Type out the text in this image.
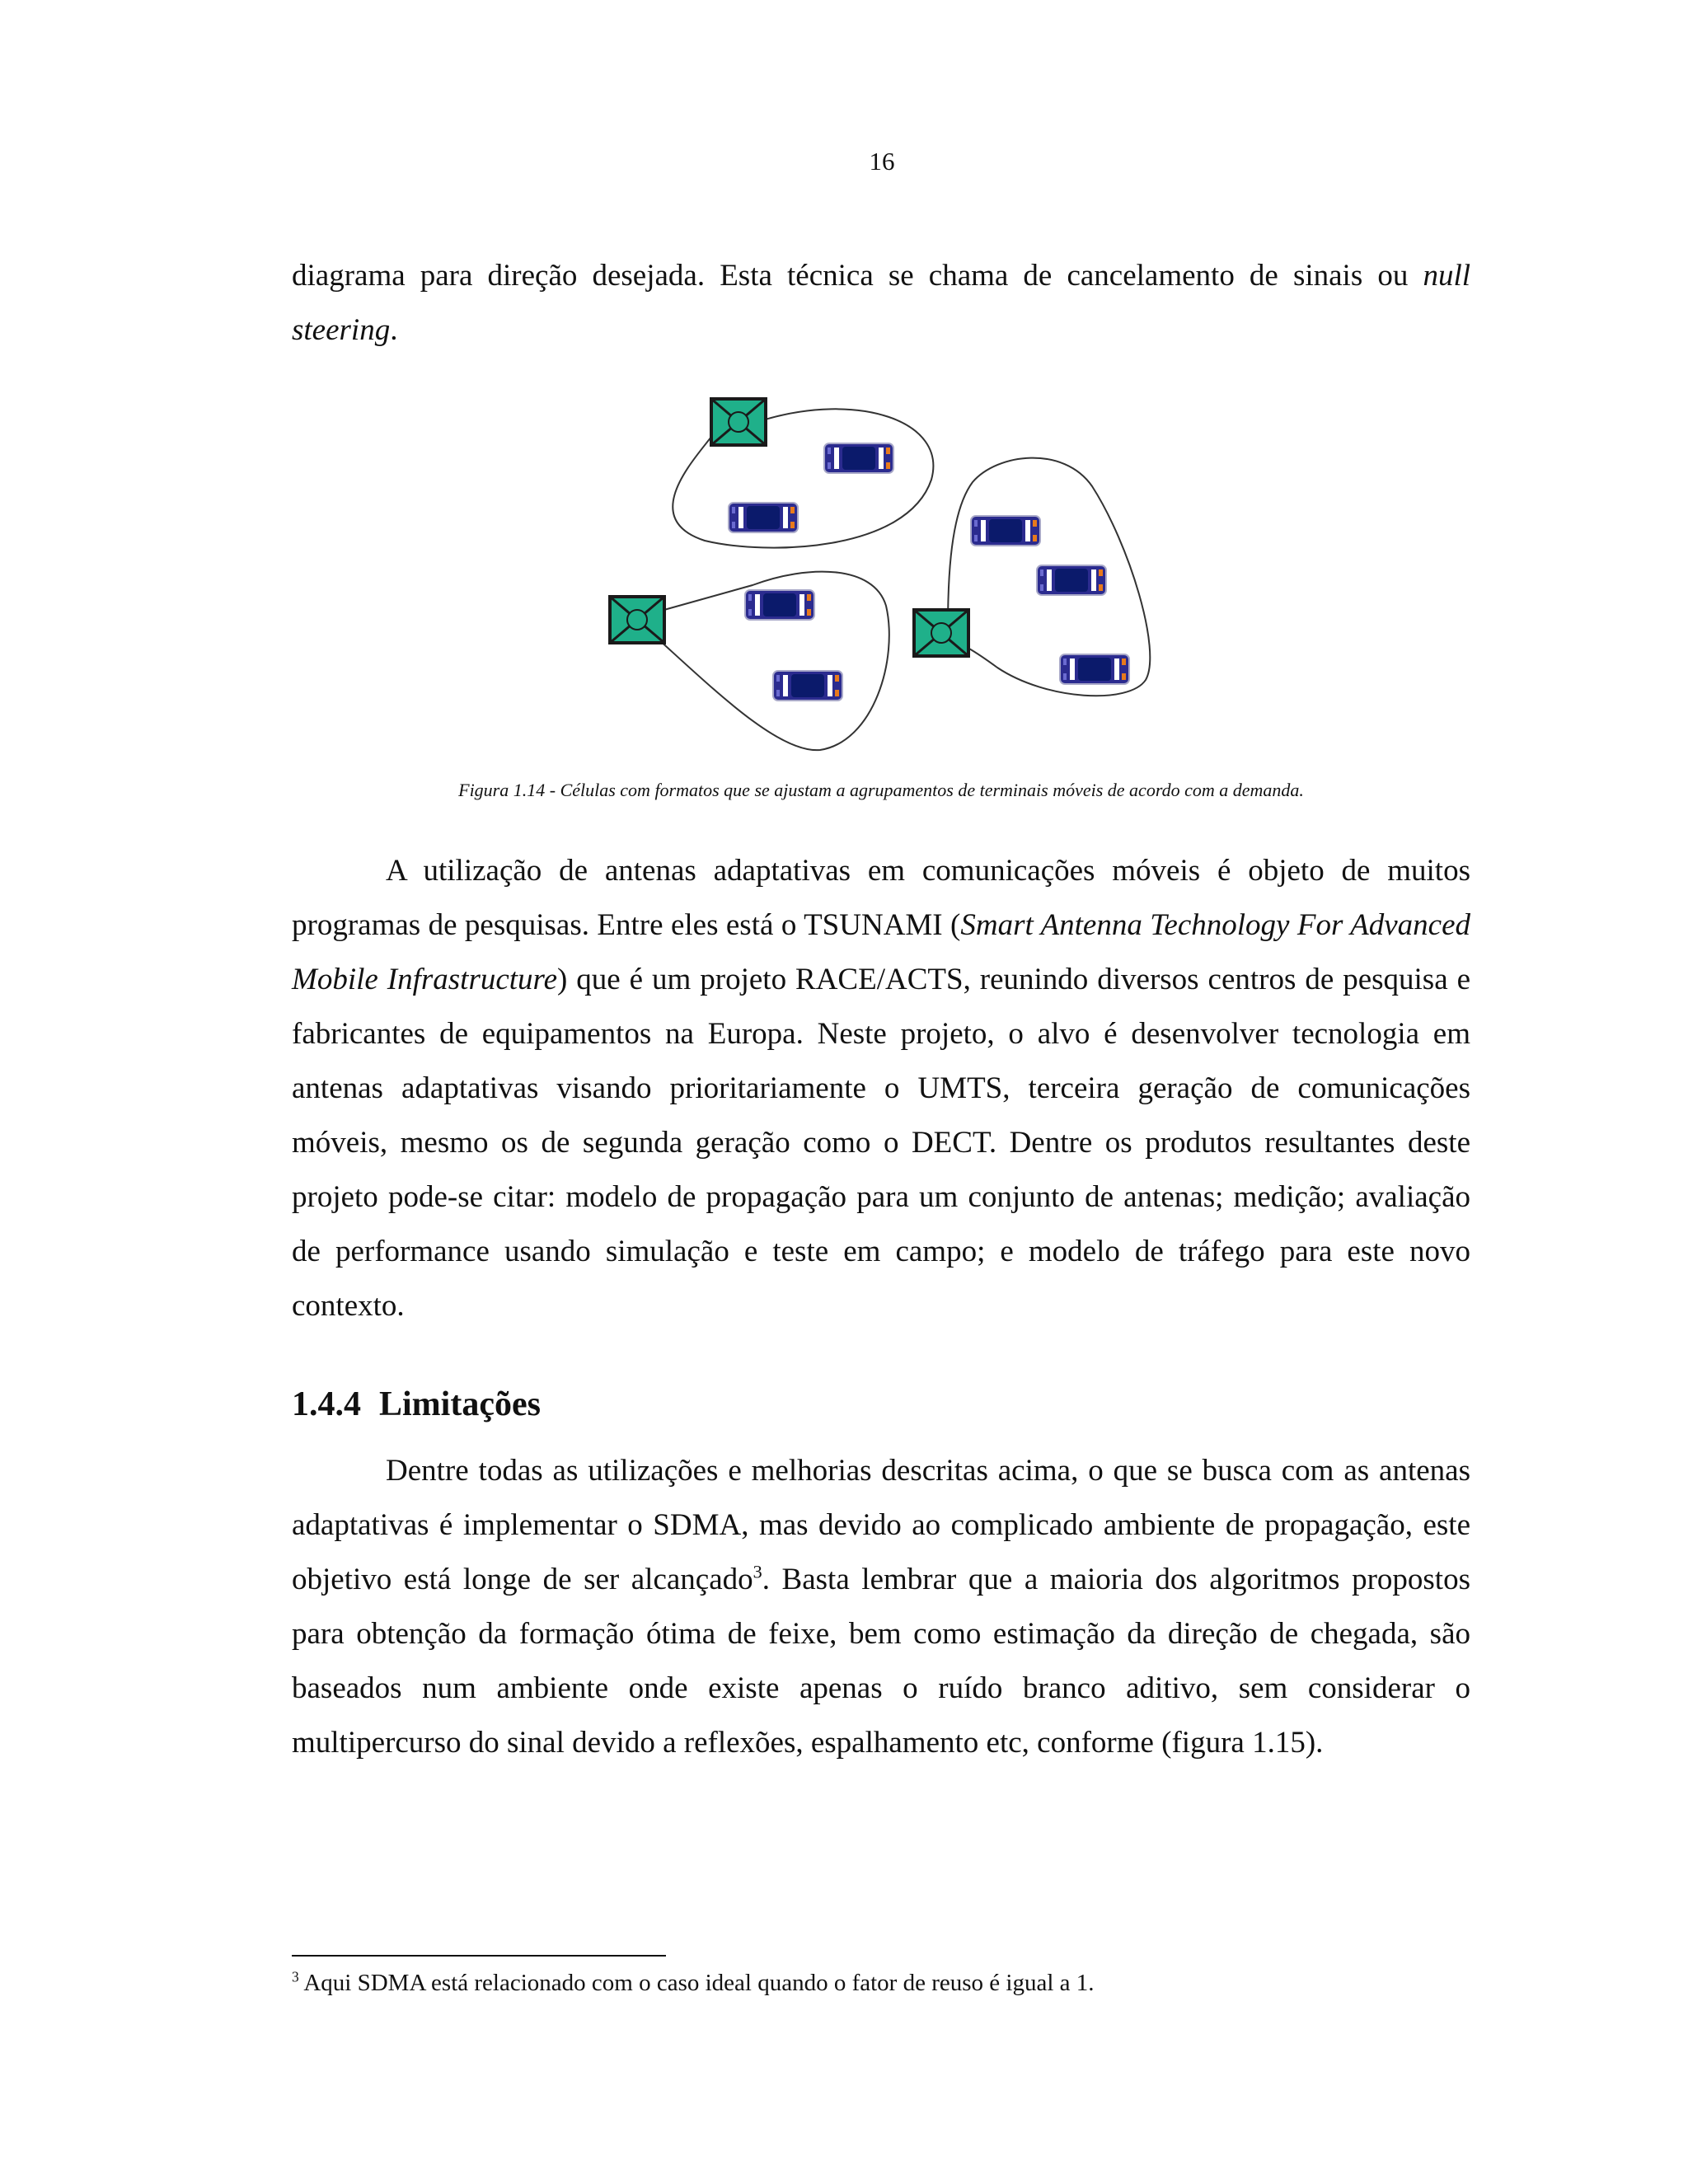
16

diagrama para direção desejada. Esta técnica se chama de cancelamento de sinais ou null steering.

Figura 1.14 - Células com formatos que se ajustam a agrupamentos de terminais móveis de acordo com a demanda.

A utilização de antenas adaptativas em comunicações móveis é objeto de muitos programas de pesquisas. Entre eles está o TSUNAMI (Smart Antenna Technology For Advanced Mobile Infrastructure) que é um projeto RACE/ACTS, reunindo diversos centros de pesquisa e fabricantes de equipamentos na Europa. Neste projeto, o alvo é desenvolver tecnologia em antenas adaptativas visando prioritariamente o UMTS, terceira geração de comunicações móveis, mesmo os de segunda geração como o DECT. Dentre os produtos resultantes deste projeto pode-se citar: modelo de propagação para um conjunto de antenas; medição; avaliação de performance usando simulação e teste em campo; e modelo de tráfego para este novo contexto.

1.4.4 Limitações

Dentre todas as utilizações e melhorias descritas acima, o que se busca com as antenas adaptativas é implementar o SDMA, mas devido ao complicado ambiente de propagação, este objetivo está longe de ser alcançado$^3$. Basta lembrar que a maioria dos algoritmos propostos para obtenção da formação ótima de feixe, bem como estimação da direção de chegada, são baseados num ambiente onde existe apenas o ruído branco aditivo, sem considerar o multipercurso do sinal devido a reflexões, espalhamento etc, conforme (figura 1.15).

$^3$ Aqui SDMA está relacionado com o caso ideal quando o fator de reuso é igual a 1.
